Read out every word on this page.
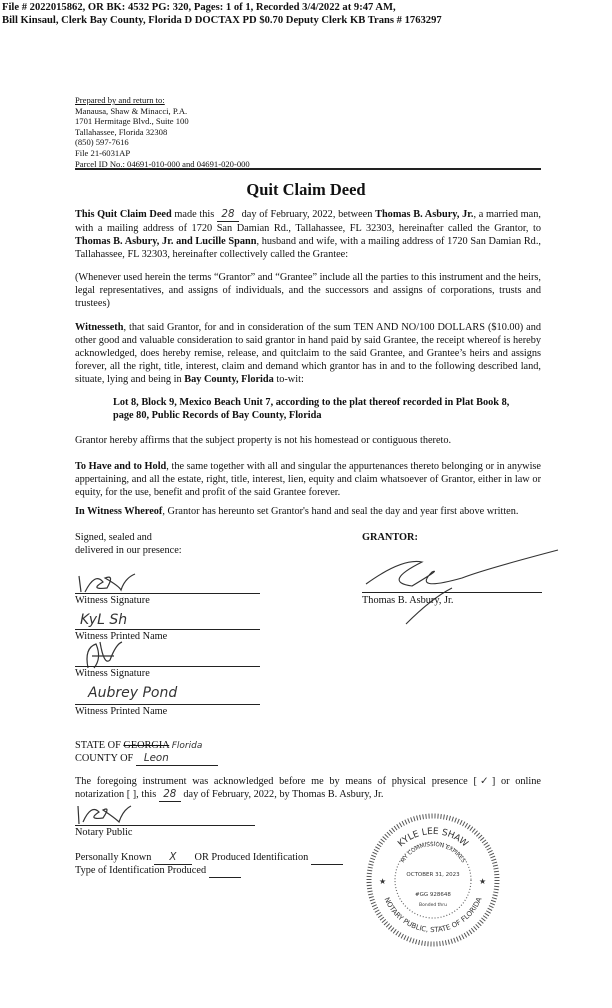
File # 2022015862, OR BK: 4532 PG: 320, Pages: 1 of 1, Recorded 3/4/2022 at 9:47 AM,
Bill Kinsaul, Clerk Bay County, Florida D DOCTAX PD $0.70 Deputy Clerk KB Trans # 1763297
Prepared by and return to:
Manausa, Shaw & Minacci, P.A.
1701 Hermitage Blvd., Suite 100
Tallahassee, Florida 32308
(850) 597-7616
File 21-6031AP
Parcel ID No.: 04691-010-000 and 04691-020-000
Quit Claim Deed
This Quit Claim Deed made this 28 day of February, 2022, between Thomas B. Asbury, Jr., a married man, with a mailing address of 1720 San Damian Rd., Tallahassee, FL 32303, hereinafter called the Grantor, to Thomas B. Asbury, Jr. and Lucille Spann, husband and wife, with a mailing address of 1720 San Damian Rd., Tallahassee, FL 32303, hereinafter collectively called the Grantee:
(Whenever used herein the terms “Grantor” and “Grantee” include all the parties to this instrument and the heirs, legal representatives, and assigns of individuals, and the successors and assigns of corporations, trusts and trustees)
Witnesseth, that said Grantor, for and in consideration of the sum TEN AND NO/100 DOLLARS ($10.00) and other good and valuable consideration to said grantor in hand paid by said Grantee, the receipt whereof is hereby acknowledged, does hereby remise, release, and quitclaim to the said Grantee, and Grantee’s heirs and assigns forever, all the right, title, interest, claim and demand which grantor has in and to the following described land, situate, lying and being in Bay County, Florida to-wit:
Lot 8, Block 9, Mexico Beach Unit 7, according to the plat thereof recorded in Plat Book 8, page 80, Public Records of Bay County, Florida
Grantor hereby affirms that the subject property is not his homestead or contiguous thereto.
To Have and to Hold, the same together with all and singular the appurtenances thereto belonging or in anywise appertaining, and all the estate, right, title, interest, lien, equity and claim whatsoever of Grantor, either in law or equity, for the use, benefit and profit of the said Grantee forever.
In Witness Whereof, Grantor has hereunto set Grantor's hand and seal the day and year first above written.
Signed, sealed and
delivered in our presence:
GRANTOR:
Witness Signature
KyL Sh
Witness Printed Name
Witness Signature
Aubrey Pond
Witness Printed Name
Thomas B. Asbury, Jr.
STATE OF GEORGIA Florida
COUNTY OF Leon
The foregoing instrument was acknowledged before me by means of physical presence [✓] or online notarization [ ], this 28 day of February, 2022, by Thomas B. Asbury, Jr.
Notary Public
Personally Known X OR Produced Identification
Type of Identification Produced
KYLE LEE SHAW
MY COMMISSION EXPIRES
OCTOBER 31, 2023
#GG 928648
Bonded thru
NOTARY PUBLIC, STATE OF FLORIDA
★	★
